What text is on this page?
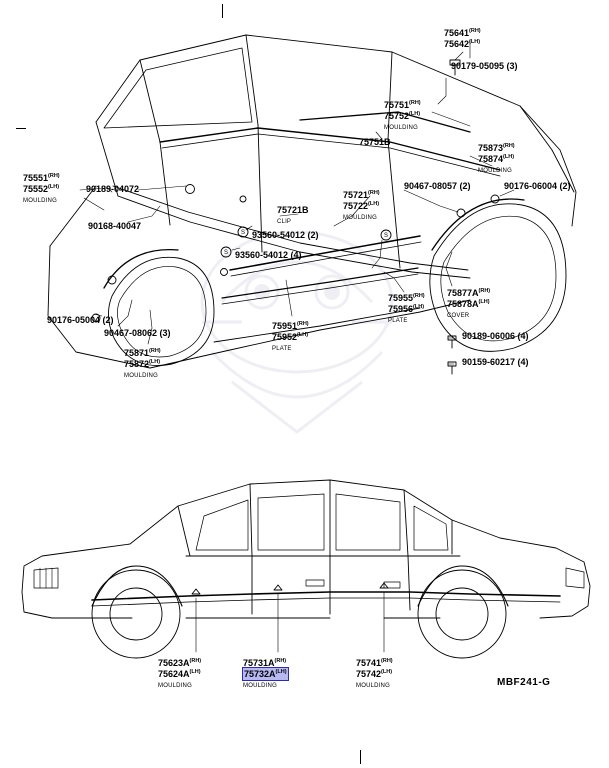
S
S
S
$75641^{(RH)}$
$75642^{(LH)}$
90179-05095 (3)
$75751^{(RH)}$
$75752^{(LH)}$
MOULDING
$75873^{(RH)}$
$75874^{(LH)}$
MOULDING
75751B
$75551^{(RH)}$
$75552^{(LH)}$
MOULDING
90189-04072
90168-40047
$75721^{(RH)}$
$75722^{(LH)}$
MOULDING
90467-08057 (2)	90176-06004 (2)
75721B
CLIP
93560-54012 (2)
93560-54012 (4)
$75877A^{(RH)}$
$75878A^{(LH)}$
COVER
$75955^{(RH)}$
$75956^{(LH)}$
PLATE
90176-05004 (2)
90467-08062 (3)
$75871^{(RH)}$
$75872^{(LH)}$
MOULDING
$75951^{(RH)}$
$75952^{(LH)}$
PLATE
90189-06006 (4)
90159-60217 (4)
$75623A^{(RH)}$
$75624A^{(LH)}$
MOULDING
$75731A^{(RH)}$
$75732A^{(LH)}$
MOULDING
$75741^{(RH)}$
$75742^{(LH)}$
MOULDING	MBF241-G
